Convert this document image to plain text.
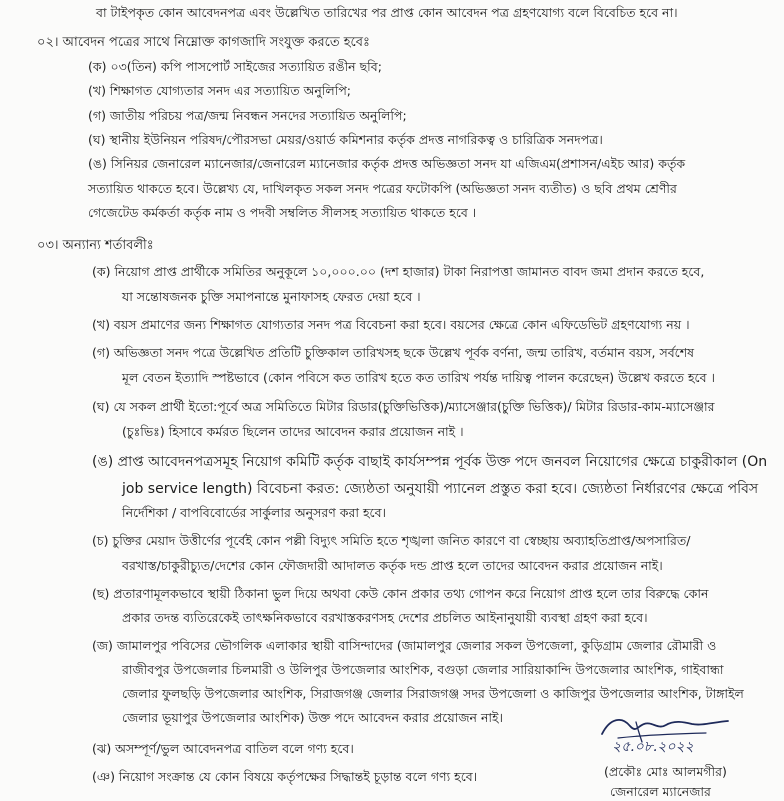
বা টাইপকৃত কোন আবেদনপত্র এবং উল্লেখিত তারিখের পর প্রাপ্ত কোন আবেদন পত্র গ্রহণযোগ্য বলে বিবেচিত হবে না।
০২। আবেদন পত্রের সাথে নিম্নোক্ত কাগজাদি সংযুক্ত করতে হবেঃ
(ক) ০৩(তিন) কপি পাসপোর্ট সাইজের সত্যায়িত রঙীন ছবি;
(খ) শিক্ষাগত যোগ্যতার সনদ এর সত্যায়িত অনুলিপি;
(গ) জাতীয় পরিচয় পত্র/জন্ম নিবন্ধন সনদের সত্যায়িত অনুলিপি;
(ঘ) স্থানীয় ইউনিয়ন পরিষদ/পৌরসভা মেয়র/ওয়ার্ড কমিশনার কর্তৃক প্রদত্ত নাগরিকত্ব ও চারিত্রিক সনদপত্র।
(ঙ) সিনিয়র জেনারেল ম্যানেজার/জেনারেল ম্যানেজার কর্তৃক প্রদত্ত অভিজ্ঞতা সনদ যা এজিএম(প্রশাসন/এইচ আর) কর্তৃক
সত্যায়িত থাকতে হবে। উল্লেখ্য যে, দাখিলকৃত সকল সনদ পত্রের ফটোকপি (অভিজ্ঞতা সনদ ব্যতীত) ও ছবি প্রথম শ্রেণীর
গেজেটেড কর্মকর্তা কর্তৃক নাম ও পদবী সম্বলিত সীলসহ সত্যায়িত থাকতে হবে ।
০৩। অন্যান্য শর্তাবলীঃ
(ক) নিয়োগ প্রাপ্ত প্রার্থীকে সমিতির অনুকূলে ১০,০০০.০০ (দশ হাজার) টাকা নিরাপত্তা জামানত বাবদ জমা প্রদান করতে হবে,
যা সন্তোষজনক চুক্তি সমাপনান্তে মুনাফাসহ ফেরত দেয়া হবে ।
(খ) বয়স প্রমাণের জন্য শিক্ষাগত যোগ্যতার সনদ পত্র বিবেচনা করা হবে। বয়সের ক্ষেত্রে কোন এফিডেভিট গ্রহণযোগ্য নয় ।
(গ) অভিজ্ঞতা সনদ পত্রে উল্লেখিত প্রতিটি চুক্তিকাল তারিখসহ ছকে উল্লেখ পূর্বক বর্ণনা, জন্ম তারিখ, বর্তমান বয়স, সর্বশেষ
মূল বেতন ইত্যাদি স্পষ্টভাবে (কোন পবিসে কত তারিখ হতে কত তারিখ পর্যন্ত দায়িত্ব পালন করেছেন) উল্লেখ করতে হবে ।
(ঘ) যে সকল প্রার্থী ইতো:পূর্বে অত্র সমিতিতে মিটার রিডার(চুক্তিভিত্তিক)/ম্যাসেঞ্জার(চুক্তি ভিত্তিক)/ মিটার রিডার-কাম-ম্যাসেঞ্জার
(চুঃভিঃ) হিসাবে কর্মরত ছিলেন তাদের আবেদন করার প্রয়োজন নাই ।
(ঙ) প্রাপ্ত আবেদনপত্রসমূহ নিয়োগ কমিটি কর্তৃক বাছাই কার্যসম্পন্ন পূর্বক উক্ত পদে জনবল নিয়োগের ক্ষেত্রে চাকুরীকাল (On
job service length) বিবেচনা করত: জ্যেষ্ঠতা অনুযায়ী প্যানেল প্রস্তুত করা হবে। জ্যেষ্ঠতা নির্ধারণের ক্ষেত্রে পবিস
নির্দেশিকা / বাপবিবোর্ডের সার্কুলার অনুসরণ করা হবে।
(চ) চুক্তির মেয়াদ উত্তীর্ণের পূর্বেই কোন পল্লী বিদ্যুৎ সমিতি হতে শৃঙ্খলা জনিত কারণে বা স্বেচ্ছায় অব্যাহতিপ্রাপ্ত/অপসারিত/
বরখাস্ত/চাকুরীচ্যুত/দেশের কোন ফৌজদারী আদালত কর্তৃক দন্ড প্রাপ্ত হলে তাদের আবেদন করার প্রয়োজন নাই।
(ছ) প্রতারণামূলকভাবে স্থায়ী ঠিকানা ভুল দিয়ে অথবা কেউ কোন প্রকার তথ্য গোপন করে নিয়োগ প্রাপ্ত হলে তার বিরুদ্ধে কোন
প্রকার তদন্ত ব্যতিরেকেই তাৎক্ষনিকভাবে বরখাস্তকরণসহ দেশের প্রচলিত আইনানুযায়ী ব্যবস্থা গ্রহণ করা হবে।
(জ) জামালপুর পবিসের ভৌগলিক এলাকার স্থায়ী বাসিন্দাদের (জামালপুর জেলার সকল উপজেলা, কুড়িগ্রাম জেলার রৌমারী ও
রাজীবপুর উপজেলার চিলমারী ও উলিপুর উপজেলার আংশিক, বগুড়া জেলার সারিয়াকান্দি উপজেলার আংশিক, গাইবান্ধা
জেলার ফুলছড়ি উপজেলার আংশিক, সিরাজগঞ্জ জেলার সিরাজগঞ্জ সদর উপজেলা ও কাজিপুর উপজেলার আংশিক, টাঙ্গাইল
জেলার ভূয়াপুর উপজেলার আংশিক) উক্ত পদে আবেদন করার প্রয়োজন নাই।
(ঝ) অসম্পূর্ণ/ভুল আবেদনপত্র বাতিল বলে গণ্য হবে।
(ঞ) নিয়োগ সংক্রান্ত যে কোন বিষয়ে কর্তৃপক্ষের সিদ্ধান্তই চূড়ান্ত বলে গণ্য হবে।
২৫.০৮.২০২২
(প্রকৌঃ মোঃ আলমগীর)
জেনারেল ম্যানেজার
